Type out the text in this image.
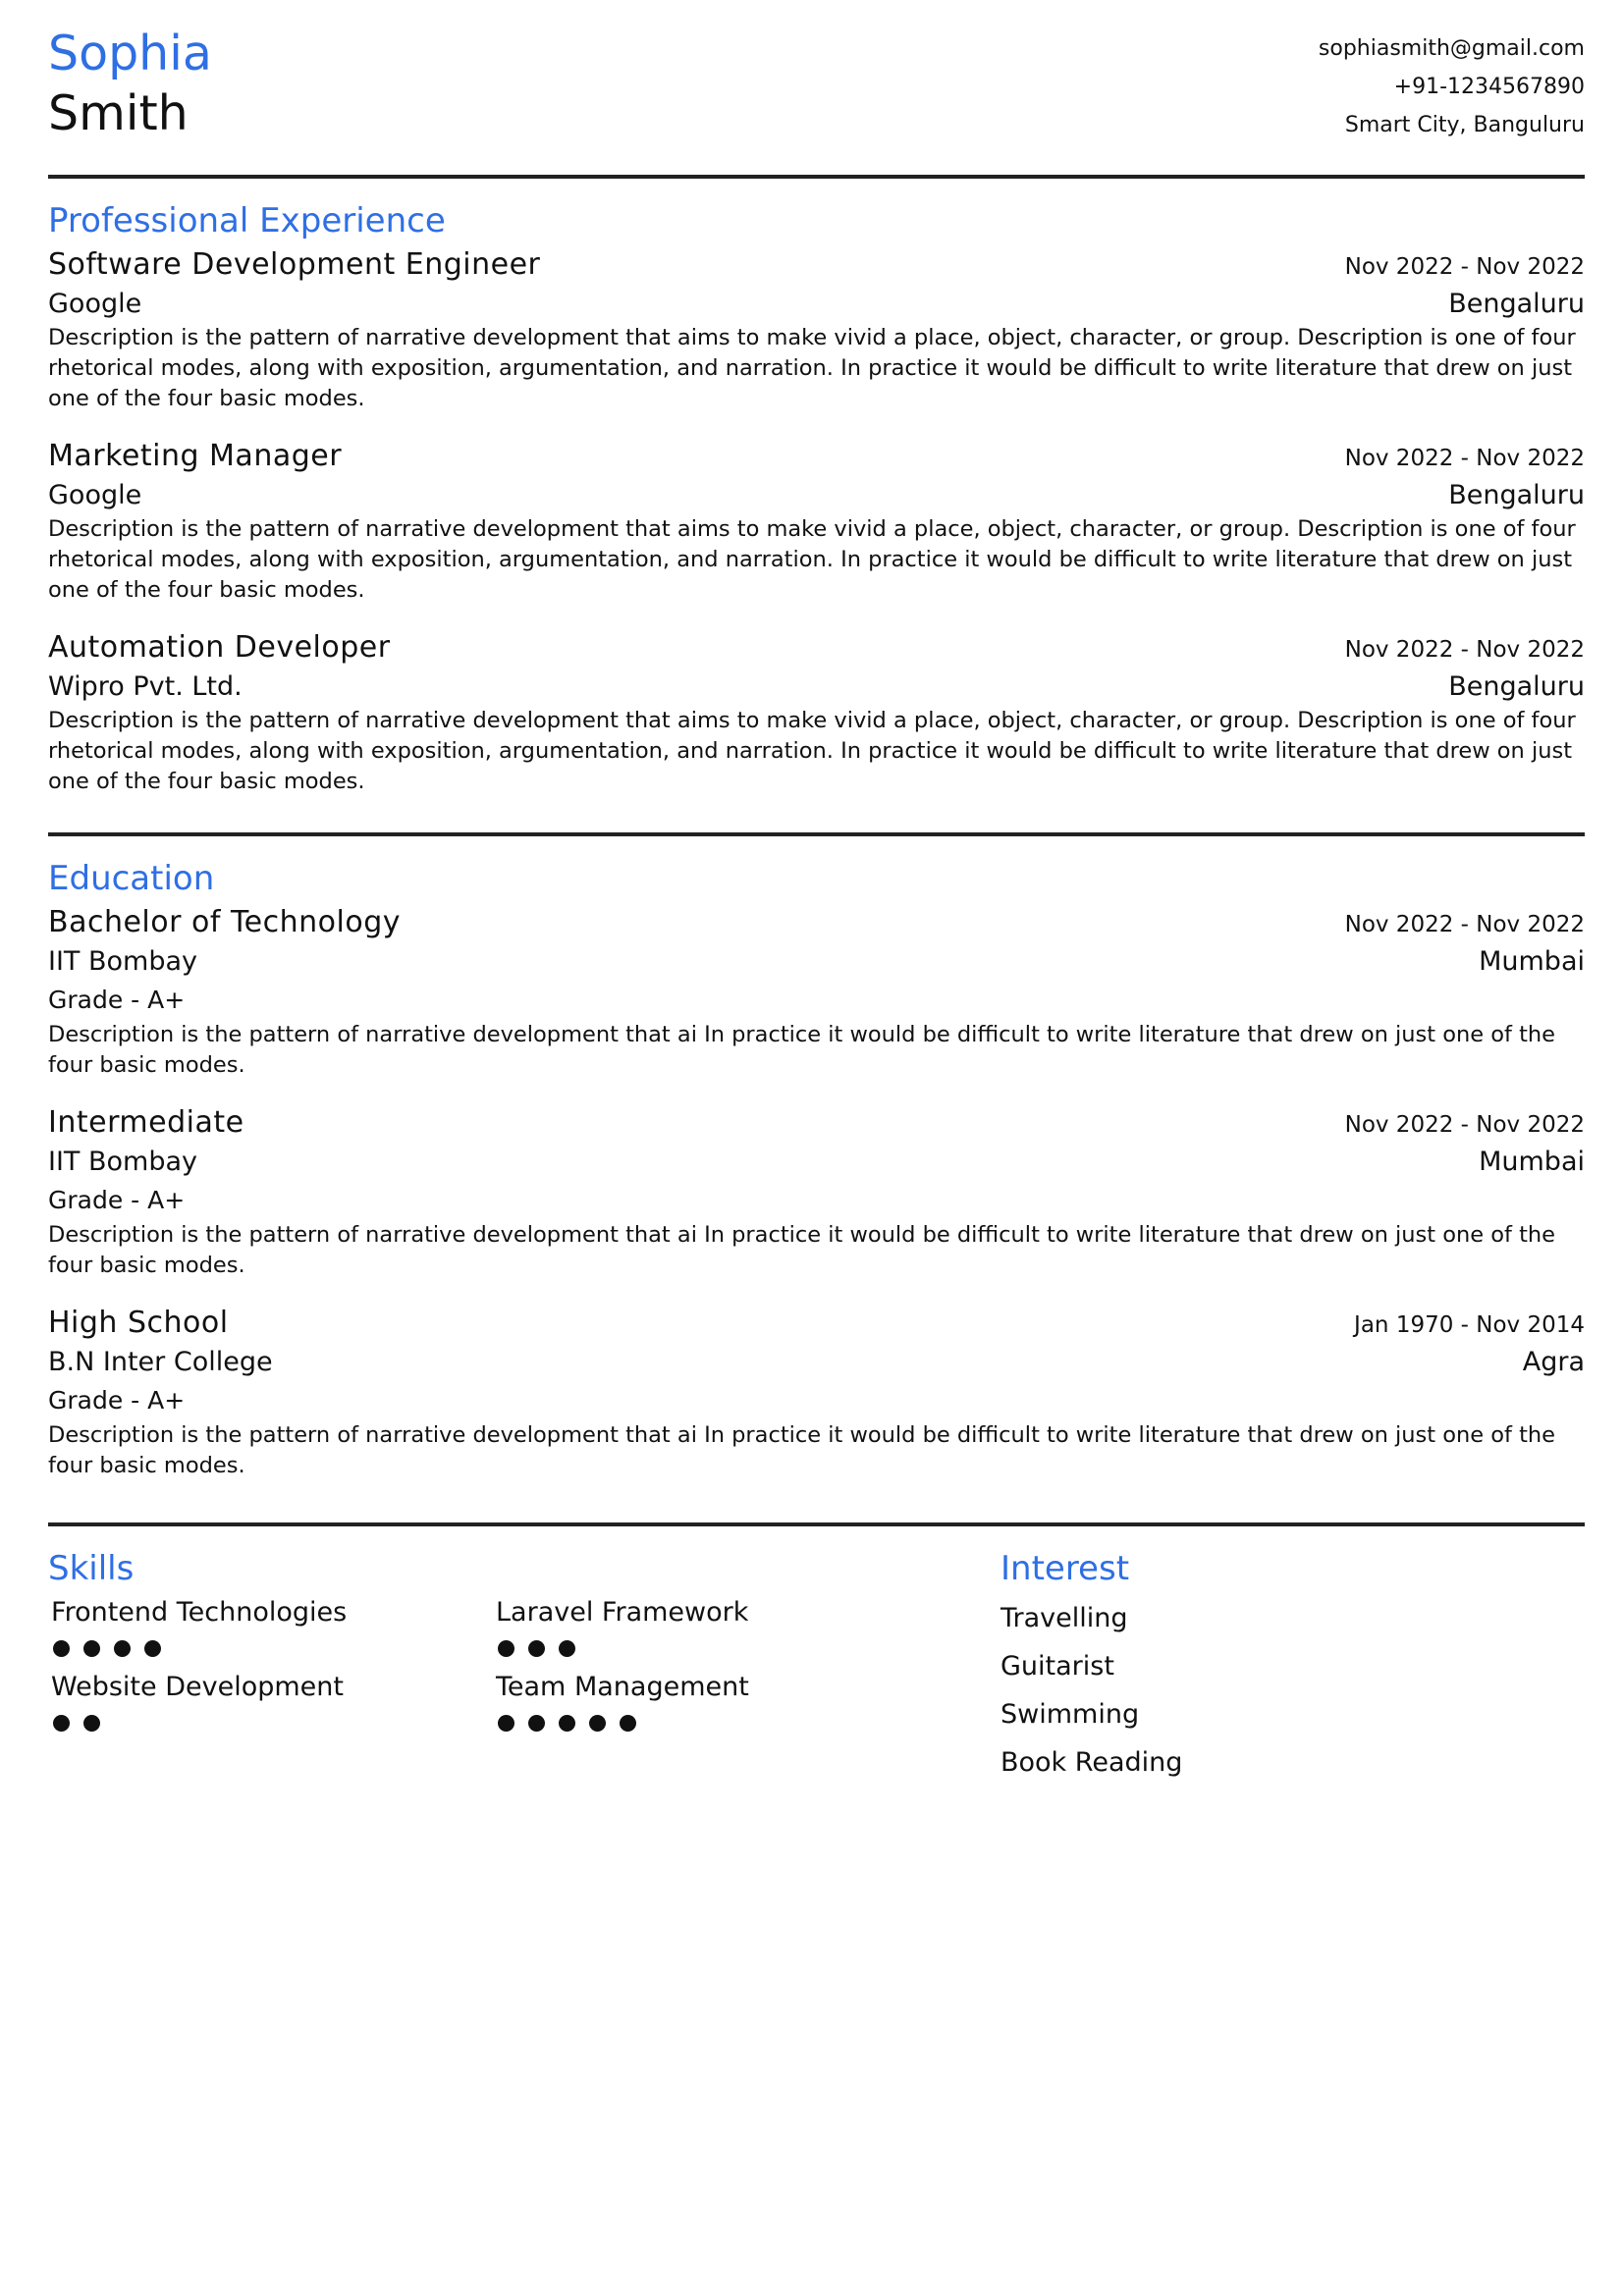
Sophia
Smith
sophiasmith@gmail.com
+91-1234567890
Smart City, Banguluru
Professional Experience
Software Development Engineer	Nov 2022 - Nov 2022
Google	Bengaluru
Description is the pattern of narrative development that aims to make vivid a place, object, character, or group. Description is one of four rhetorical modes, along with exposition, argumentation, and narration. In practice it would be difficult to write literature that drew on just one of the four basic modes.
Marketing Manager	Nov 2022 - Nov 2022
Google	Bengaluru
Description is the pattern of narrative development that aims to make vivid a place, object, character, or group. Description is one of four rhetorical modes, along with exposition, argumentation, and narration. In practice it would be difficult to write literature that drew on just one of the four basic modes.
Automation Developer	Nov 2022 - Nov 2022
Wipro Pvt. Ltd.	Bengaluru
Description is the pattern of narrative development that aims to make vivid a place, object, character, or group. Description is one of four rhetorical modes, along with exposition, argumentation, and narration. In practice it would be difficult to write literature that drew on just one of the four basic modes.
Education
Bachelor of Technology	Nov 2022 - Nov 2022
IIT Bombay	Mumbai
Grade - A+
Description is the pattern of narrative development that ai In practice it would be difficult to write literature that drew on just one of the four basic modes.
Intermediate	Nov 2022 - Nov 2022
IIT Bombay	Mumbai
Grade - A+
Description is the pattern of narrative development that ai In practice it would be difficult to write literature that drew on just one of the four basic modes.
High School	Jan 1970 - Nov 2014
B.N Inter College	Agra
Grade - A+
Description is the pattern of narrative development that ai In practice it would be difficult to write literature that drew on just one of the four basic modes.
Skills
Frontend Technologies	Laravel Framework
Website Development	Team Management
Interest
Travelling
Guitarist
Swimming
Book Reading
